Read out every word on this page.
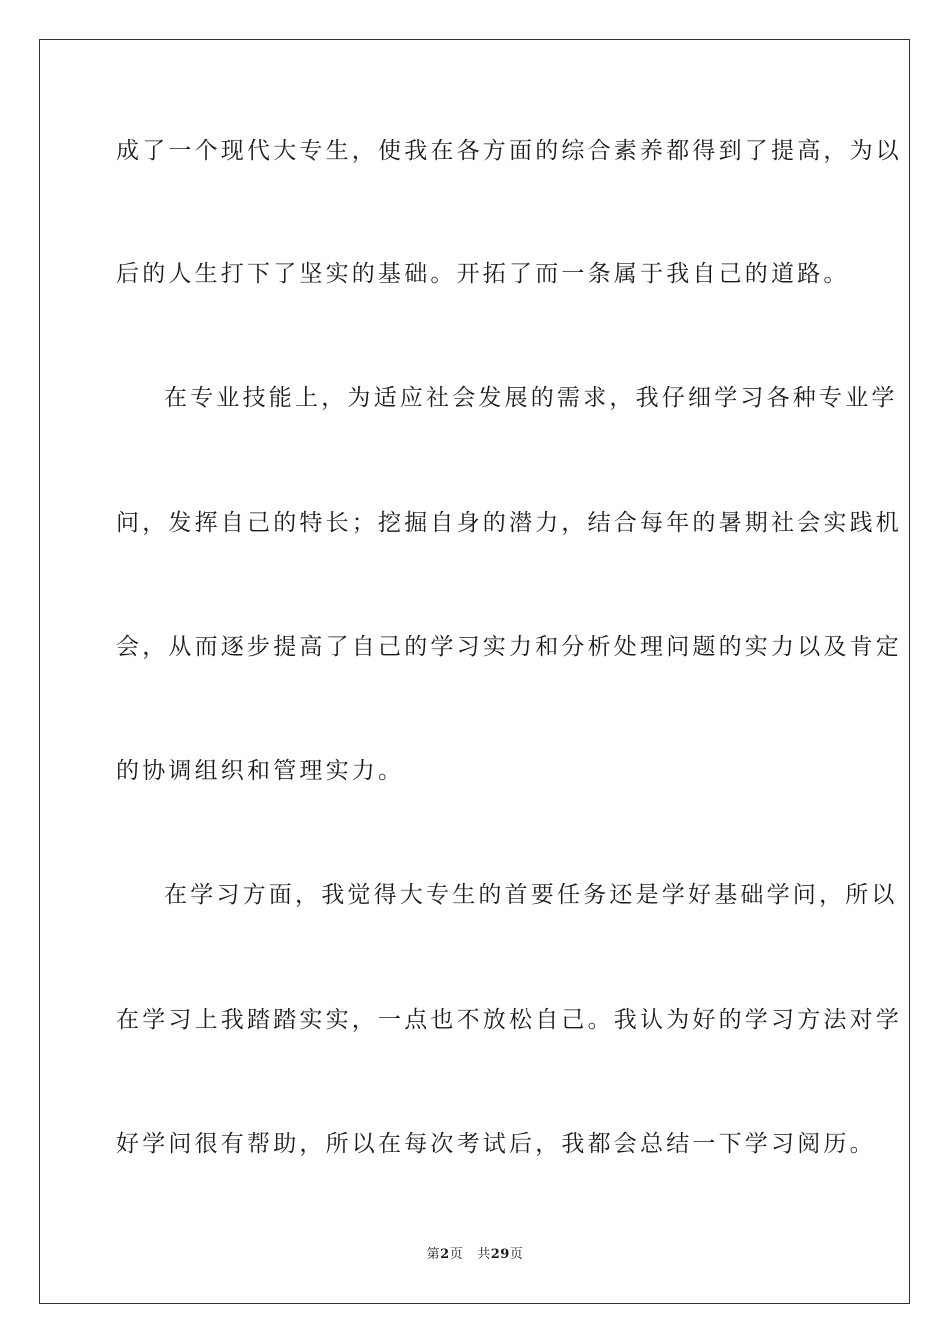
成了一个现代大专生，使我在各方面的综合素养都得到了提高，为以
后的人生打下了坚实的基础。开拓了而一条属于我自己的道路。
在专业技能上，为适应社会发展的需求，我仔细学习各种专业学
问，发挥自己的特长；挖掘自身的潜力，结合每年的暑期社会实践机
会，从而逐步提高了自己的学习实力和分析处理问题的实力以及肯定
的协调组织和管理实力。
在学习方面，我觉得大专生的首要任务还是学好基础学问，所以
在学习上我踏踏实实，一点也不放松自己。我认为好的学习方法对学
好学问很有帮助，所以在每次考试后，我都会总结一下学习阅历。
第2页 共29页
